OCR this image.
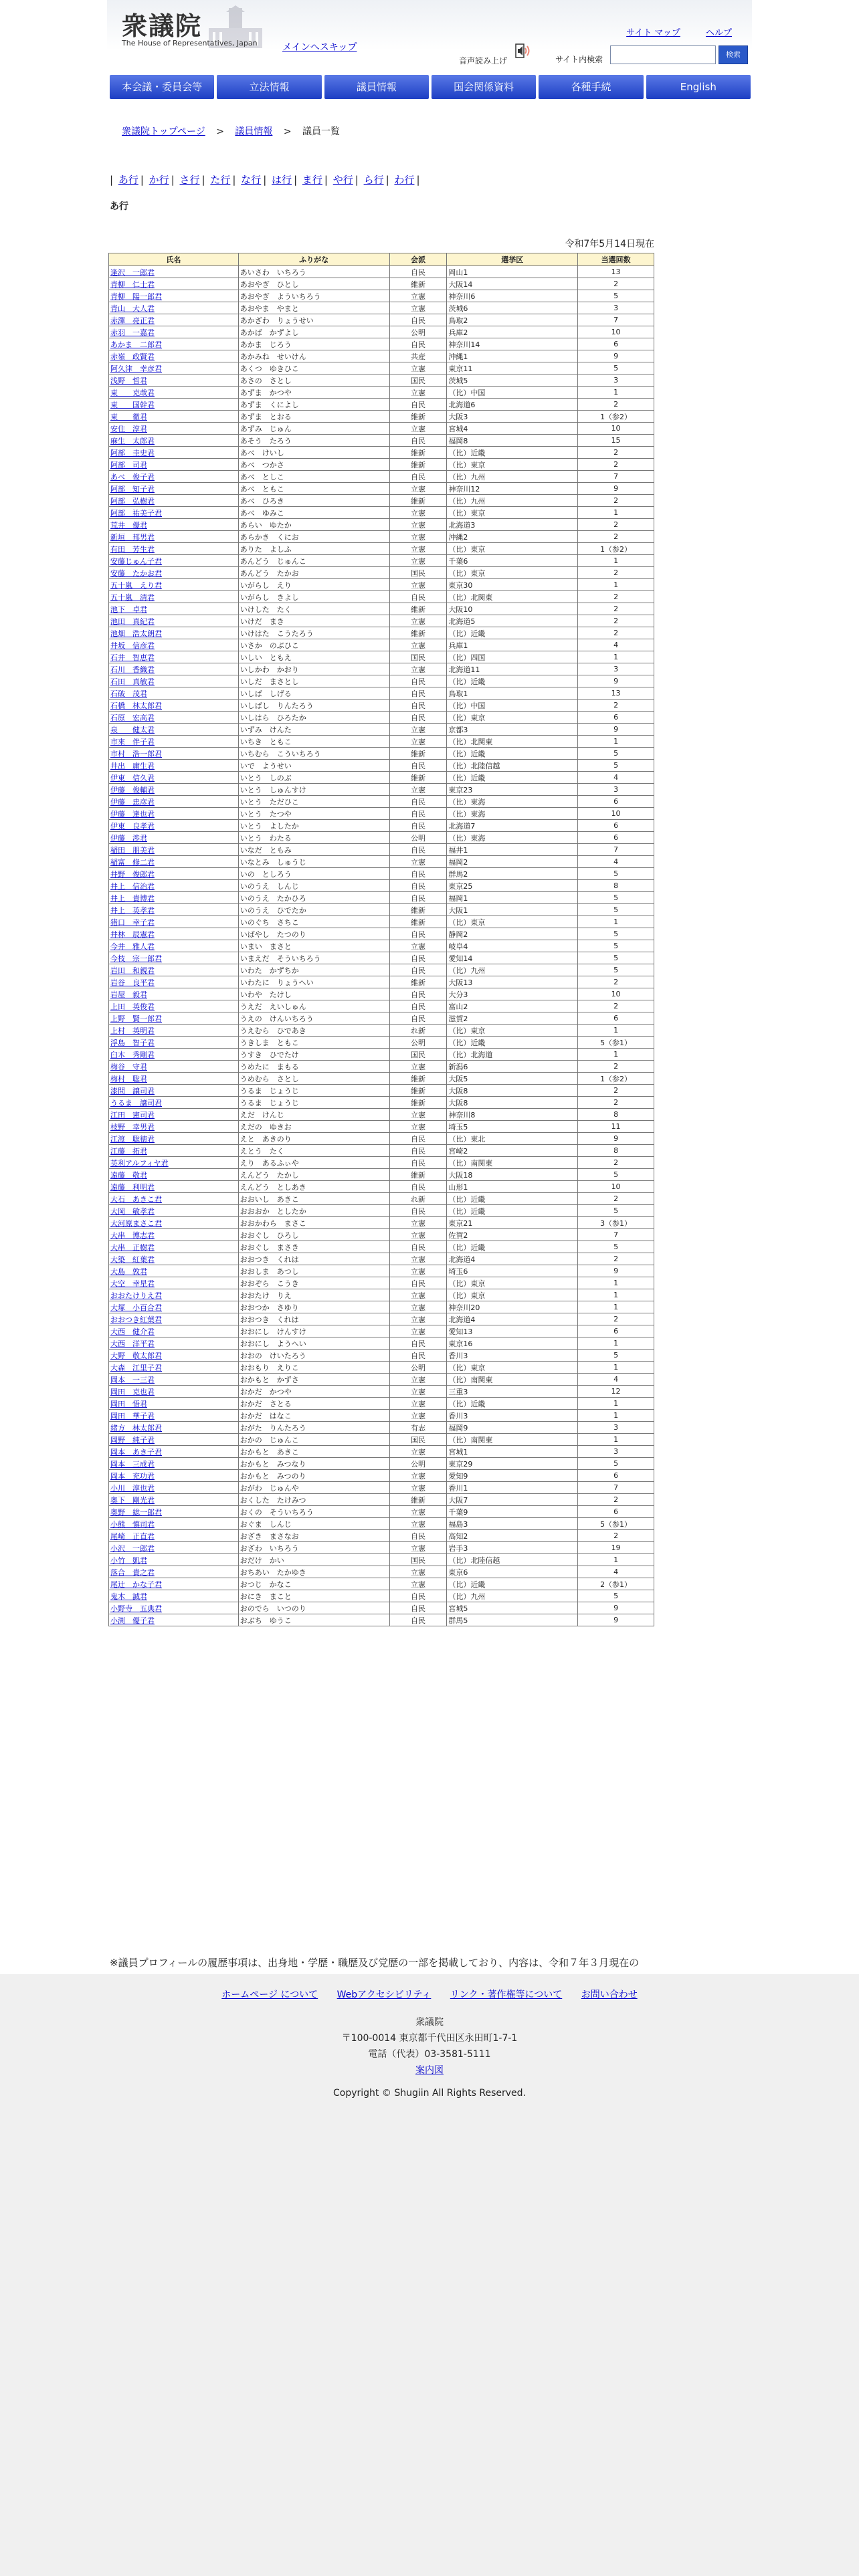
衆議院
The House of Representatives, Japan	メインへスキップ
サイト マップ	ヘルプ
音声読み上げ	サイト内検索
検索
本会議・委員会等	立法情報	議員情報	国会関係資料	各種手続	English
衆議院トップページ > 議員情報 > 議員一覧
| あ行 | か行 | さ行 | た行 | な行 | は行 | ま行 | や行 | ら行 | わ行 |
あ行
令和7年5月14日現在
氏名	ふりがな	会派	選挙区	当選回数
逢沢　一郎君	あいさわ　いちろう	自民	岡山1	13
青柳　仁士君	あおやぎ　ひとし	維新	大阪14	2
青柳　陽一郎君	あおやぎ　よういちろう	立憲	神奈川6	5
青山　大人君	あおやま　やまと	立憲	茨城6	3
赤澤　亮正君	あかざわ　りょうせい	自民	鳥取2	7
赤羽　一嘉君	あかば　かずよし	公明	兵庫2	10
あかま　二郎君	あかま　じろう	自民	神奈川14	6
赤嶺　政賢君	あかみね　せいけん	共産	沖縄1	9
阿久津　幸彦君	あくつ　ゆきひこ	立憲	東京11	5
浅野　哲君	あさの　さとし	国民	茨城5	3
東　　克哉君	あずま　かつや	立憲	（比）中国	1
東　　国幹君	あずま　くによし	自民	北海道6	2
東　　徹君	あずま　とおる	維新	大阪3	1（参2）
安住　淳君	あずみ　じゅん	立憲	宮城4	10
麻生　太郎君	あそう　たろう	自民	福岡8	15
阿部　圭史君	あべ　けいし	維新	（比）近畿	2
阿部　司君	あべ　つかさ	維新	（比）東京	2
あべ　俊子君	あべ　としこ	自民	（比）九州	7
阿部　知子君	あべ　ともこ	立憲	神奈川12	9
阿部　弘樹君	あべ　ひろき	維新	（比）九州	2
阿部　祐美子君	あべ　ゆみこ	立憲	（比）東京	1
荒井　優君	あらい　ゆたか	立憲	北海道3	2
新垣　邦男君	あらかき　くにお	立憲	沖縄2	2
有田　芳生君	ありた　よしふ	立憲	（比）東京	1（参2）
安藤じゅん子君	あんどう　じゅんこ	立憲	千葉6	1
安藤　たかお君	あんどう　たかお	国民	（比）東京	2
五十嵐　えり君	いがらし　えり	立憲	東京30	1
五十嵐　清君	いがらし　きよし	自民	（比）北関東	2
池下　卓君	いけした　たく	維新	大阪10	2
池田　真紀君	いけだ　まき	立憲	北海道5	2
池畑　浩太朗君	いけはた　こうたろう	維新	（比）近畿	2
井坂　信彦君	いさか　のぶひこ	立憲	兵庫1	4
石井　智恵君	いしい　ともえ	国民	（比）四国	1
石川　香織君	いしかわ　かおり	立憲	北海道11	3
石田　真敏君	いしだ　まさとし	自民	（比）近畿	9
石破　茂君	いしば　しげる	自民	鳥取1	13
石橋　林太郎君	いしばし　りんたろう	自民	（比）中国	2
石原　宏高君	いしはら　ひろたか	自民	（比）東京	6
泉　　健太君	いずみ　けんた	立憲	京都3	9
市來　伴子君	いちき　ともこ	立憲	（比）北関東	1
市村　浩一郎君	いちむら　こういちろう	維新	（比）近畿	5
井出　庸生君	いで　ようせい	自民	（比）北陸信越	5
伊東　信久君	いとう　しのぶ	維新	（比）近畿	4
伊藤　俊輔君	いとう　しゅんすけ	立憲	東京23	3
伊藤　忠彦君	いとう　ただひこ	自民	（比）東海	6
伊藤　達也君	いとう　たつや	自民	（比）東海	10
伊東　良孝君	いとう　よしたか	自民	北海道7	6
伊藤　渉君	いとう　わたる	公明	（比）東海	6
稲田　朋美君	いなだ　ともみ	自民	福井1	7
稲富　修二君	いなとみ　しゅうじ	立憲	福岡2	4
井野　俊郎君	いの　としろう	自民	群馬2	5
井上　信治君	いのうえ　しんじ	自民	東京25	8
井上　貴博君	いのうえ　たかひろ	自民	福岡1	5
井上　英孝君	いのうえ　ひでたか	維新	大阪1	5
猪口　幸子君	いのぐち　さちこ	維新	（比）東京	1
井林　辰憲君	いばやし　たつのり	自民	静岡2	5
今井　雅人君	いまい　まさと	立憲	岐阜4	5
今枝　宗一郎君	いまえだ　そういちろう	自民	愛知14	5
岩田　和親君	いわた　かずちか	自民	（比）九州	5
岩谷　良平君	いわたに　りょうへい	維新	大阪13	2
岩屋　毅君	いわや　たけし	自民	大分3	10
上田　英俊君	うえだ　えいしゅん	自民	富山2	2
上野　賢一郎君	うえの　けんいちろう	自民	滋賀2	6
上村　英明君	うえむら　ひであき	れ新	（比）東京	1
浮島　智子君	うきしま　ともこ	公明	（比）近畿	5（参1）
臼木　秀剛君	うすき　ひでたけ	国民	（比）北海道	1
梅谷　守君	うめたに　まもる	立憲	新潟6	2
梅村　聡君	うめむら　さとし	維新	大阪5	1（参2）
漆間　譲司君	うるま　じょうじ	維新	大阪8	2
うるま　譲司君	うるま　じょうじ	維新	大阪8	2
江田　憲司君	えだ　けんじ	立憲	神奈川8	8
枝野　幸男君	えだの　ゆきお	立憲	埼玉5	11
江渡　聡徳君	えと　あきのり	自民	（比）東北	9
江藤　拓君	えとう　たく	自民	宮崎2	8
英利アルフィヤ君	えり　あるふぃや	自民	（比）南関東	2
遠藤　敬君	えんどう　たかし	維新	大阪18	5
遠藤　利明君	えんどう　としあき	自民	山形1	10
大石　あきこ君	おおいし　あきこ	れ新	（比）近畿	2
大岡　敏孝君	おおおか　としたか	自民	（比）近畿	5
大河原まさこ君	おおかわら　まさこ	立憲	東京21	3（参1）
大串　博志君	おおぐし　ひろし	立憲	佐賀2	7
大串　正樹君	おおぐし　まさき	自民	（比）近畿	5
大築　紅葉君	おおつき　くれは	立憲	北海道4	2
大島　敦君	おおしま　あつし	立憲	埼玉6	9
大空　幸星君	おおぞら　こうき	自民	（比）東京	1
おおたけりえ君	おおたけ　りえ	立憲	（比）東京	1
大塚　小百合君	おおつか　さゆり	立憲	神奈川20	1
おおつき紅葉君	おおつき　くれは	立憲	北海道4	2
大西　健介君	おおにし　けんすけ	立憲	愛知13	6
大西　洋平君	おおにし　ようへい	自民	東京16	1
大野　敬太郎君	おおの　けいたろう	自民	香川3	5
大森　江里子君	おおもり　えりこ	公明	（比）東京	1
岡本　一三君	おかもと　かずさ	立憲	（比）南関東	4
岡田　克也君	おかだ　かつや	立憲	三重3	12
岡田　悟君	おかだ　さとる	立憲	（比）近畿	1
岡田　華子君	おかだ　はなこ	立憲	香川3	1
緒方　林太郎君	おがた　りんたろう	有志	福岡9	3
岡野　純子君	おかの　じゅんこ	国民	（比）南関東	1
岡本　あき子君	おかもと　あきこ	立憲	宮城1	3
岡本　三成君	おかもと　みつなり	公明	東京29	5
岡本　充功君	おかもと　みつのり	立憲	愛知9	6
小川　淳也君	おがわ　じゅんや	立憲	香川1	7
奥下　剛光君	おくした　たけみつ	維新	大阪7	2
奥野　総一郎君	おくの　そういちろう	立憲	千葉9	6
小熊　慎司君	おぐま　しんじ	立憲	福島3	5（参1）
尾崎　正直君	おざき　まさなお	自民	高知2	2
小沢　一郎君	おざわ　いちろう	立憲	岩手3	19
小竹　凱君	おだけ　かい	国民	（比）北陸信越	1
落合　貴之君	おちあい　たかゆき	立憲	東京6	4
尾辻　かな子君	おつじ　かなこ	立憲	（比）近畿	2（参1）
鬼木　誠君	おにき　まこと	自民	（比）九州	5
小野寺　五典君	おのでら　いつのり	自民	宮城5	9
小渕　優子君	おぶち　ゆうこ	自民	群馬5	9
※議員プロフィールの履歴事項は、出身地・学歴・職歴及び党歴の一部を掲載しており、内容は、令和７年３月現在の
ホームページ について Webアクセシビリティ リンク・著作権等について お問い合わせ
衆議院
〒100-0014 東京都千代田区永田町1-7-1
電話（代表）03-3581-5111
案内図
Copyright © Shugiin All Rights Reserved.
